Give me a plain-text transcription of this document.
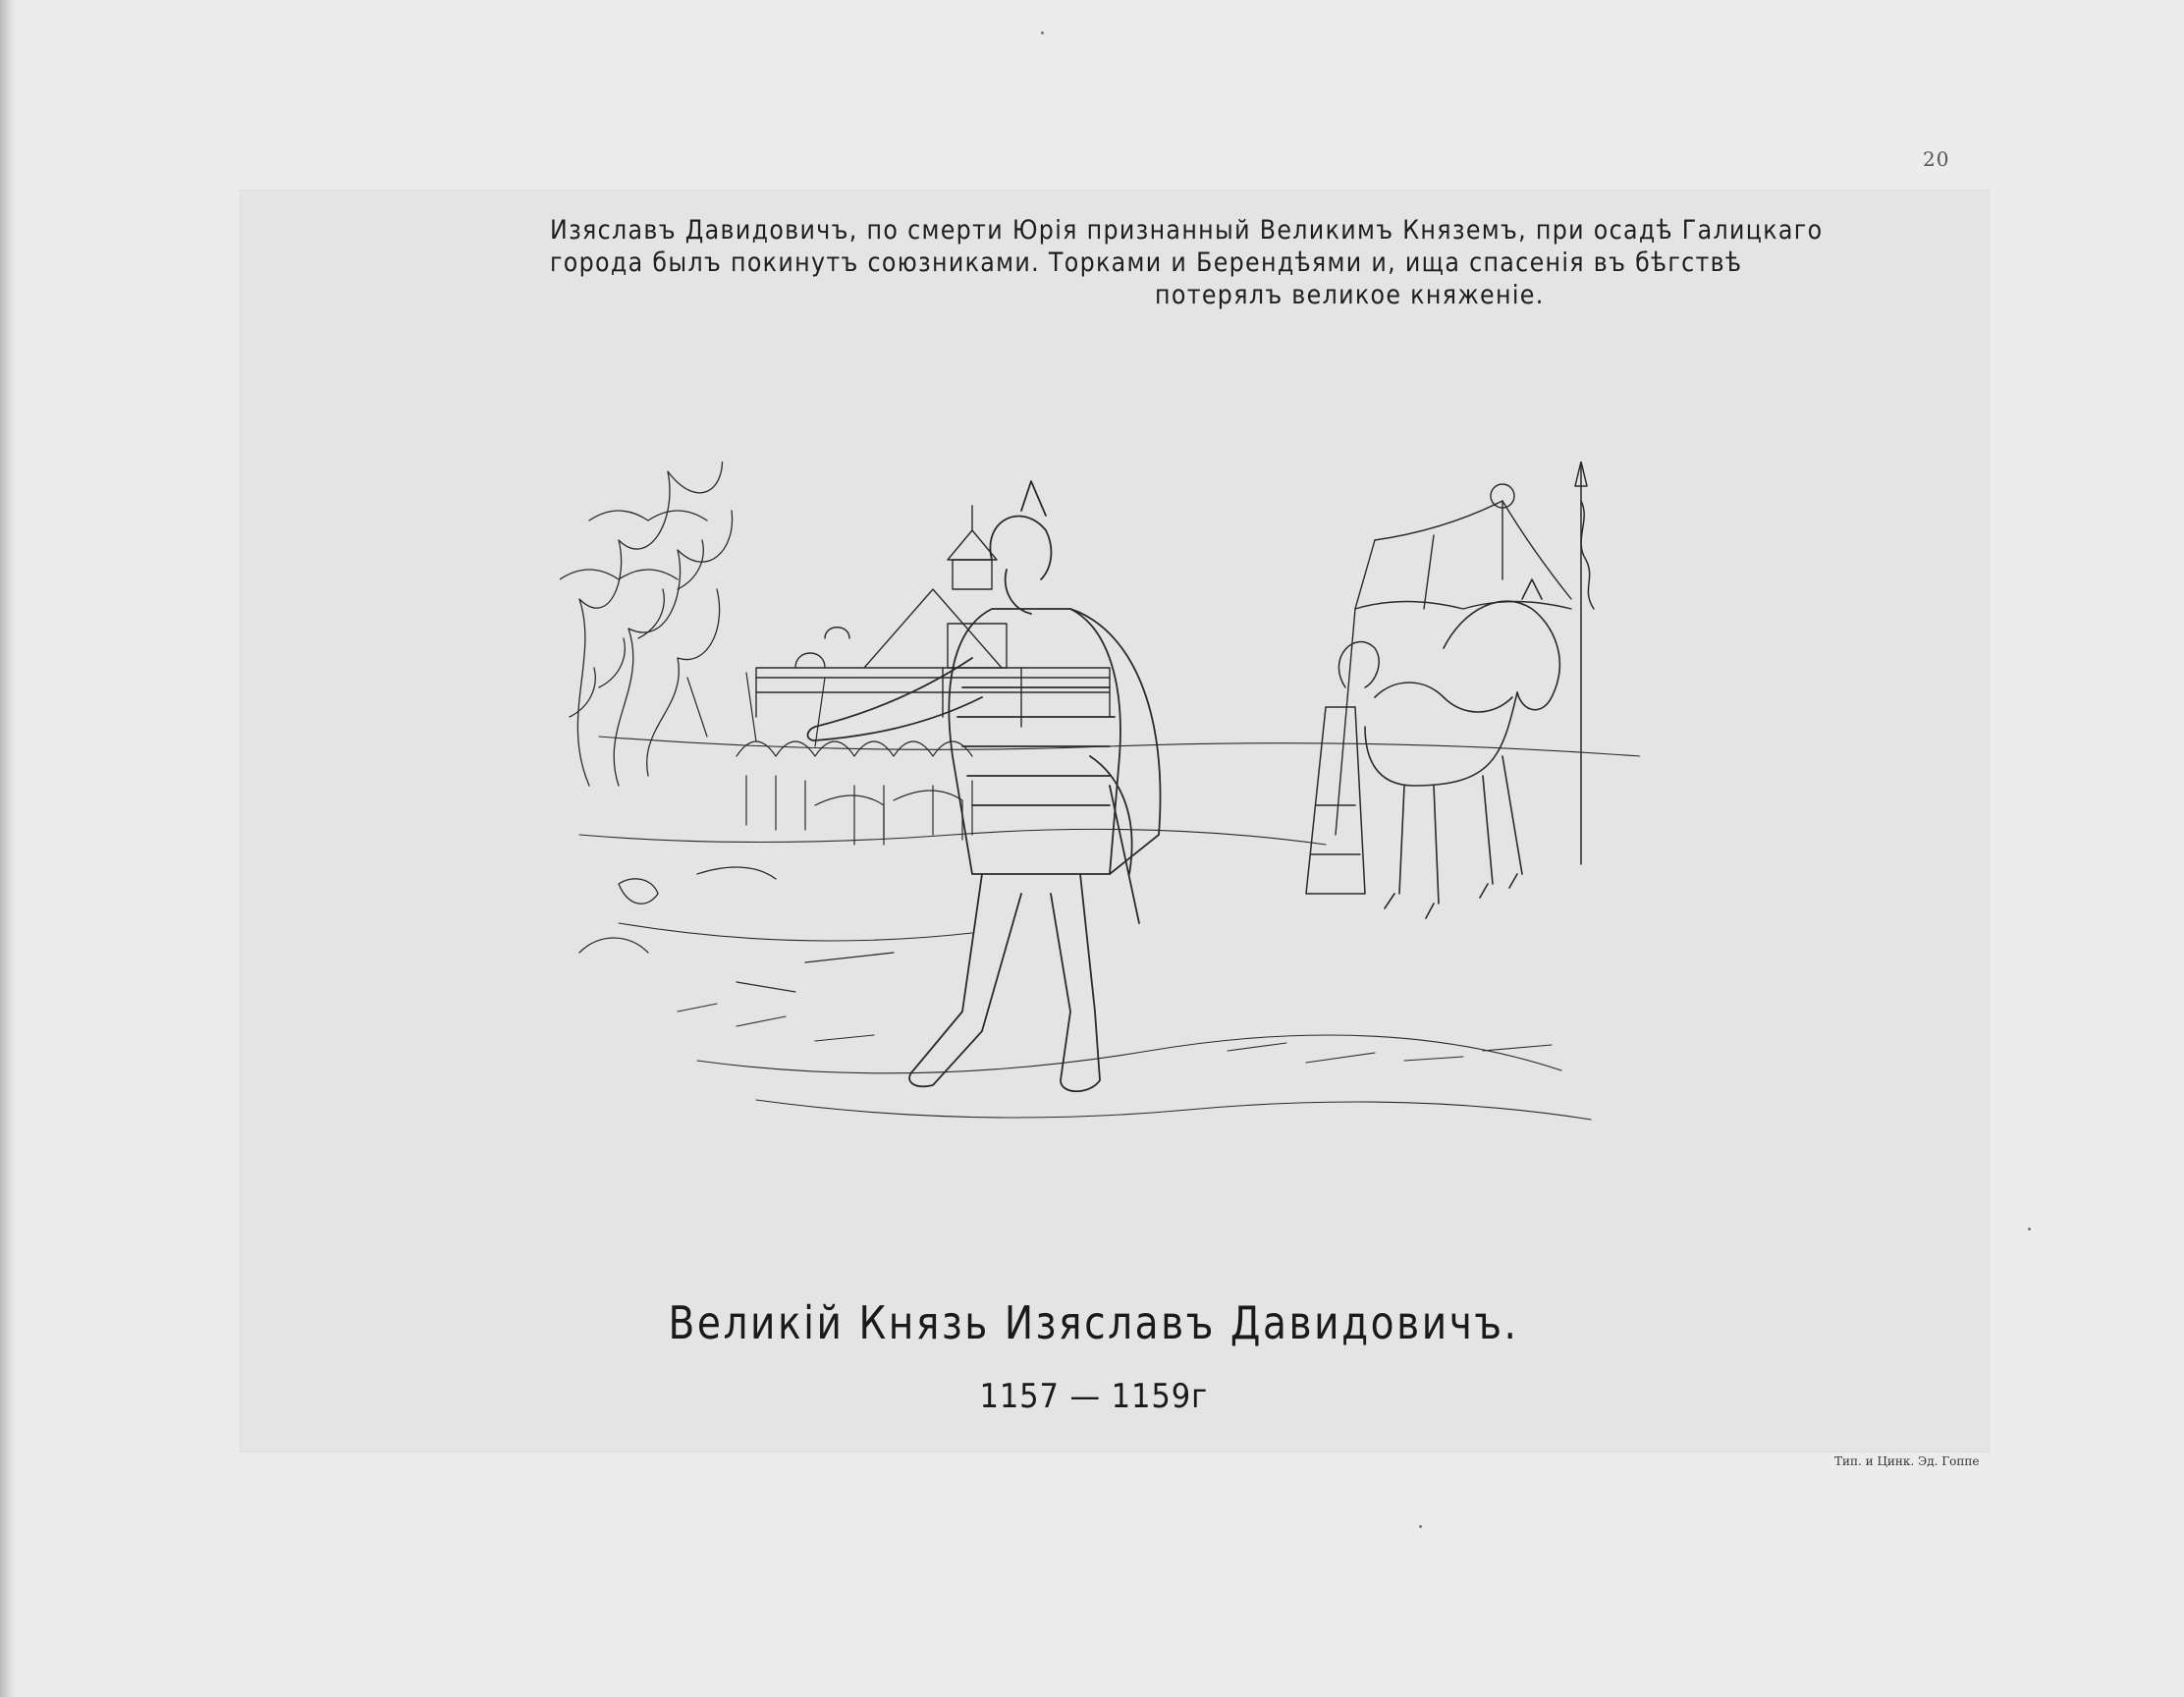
20
Изяславъ Давидовичъ, по смерти Юрія признанный Великимъ Княземъ, при осадѣ Галицкаго
города былъ покинутъ союзниками. Торками и Берендѣями и, ища спасенія въ бѣгствѣ
потерялъ великое княженіе.
Великій Князь Изяславъ Давидовичъ.
1157 — 1159г
Тип. и Цинк. Эд. Гоппе
